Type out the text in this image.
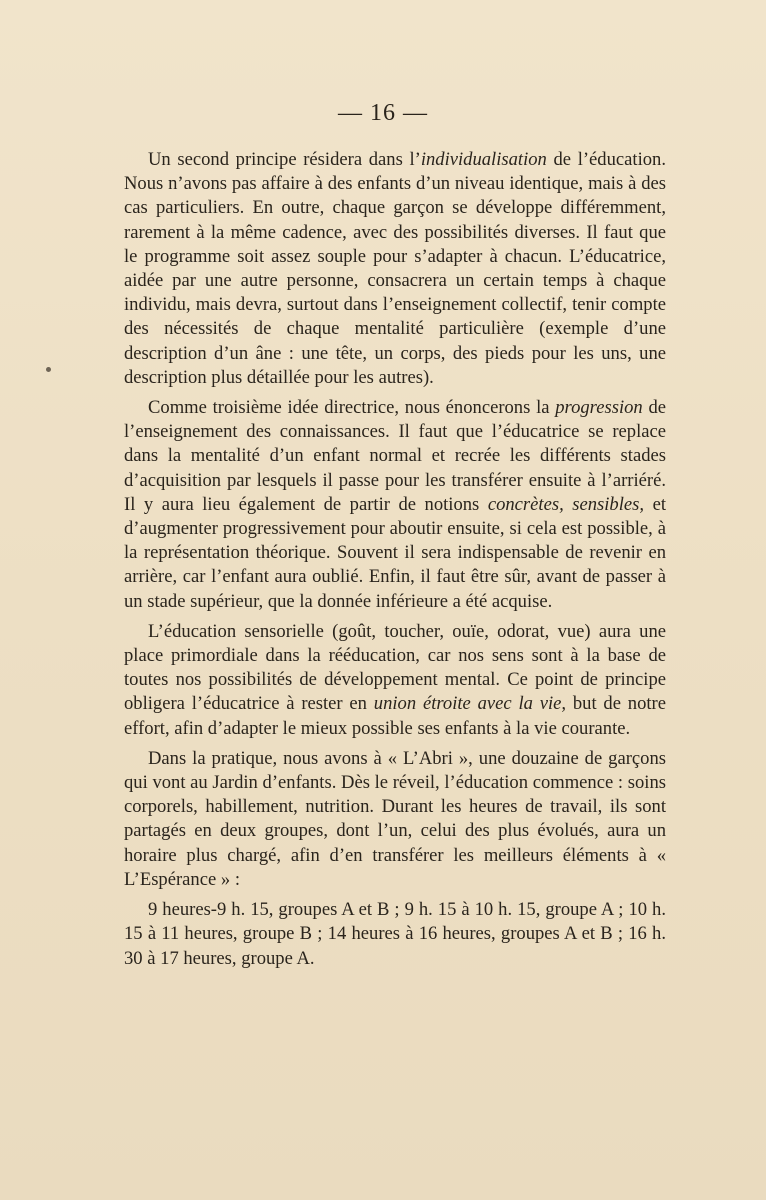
— 16 —

Un second principe résidera dans l’individualisation de l’éducation. Nous n’avons pas affaire à des enfants d’un niveau identique, mais à des cas particuliers. En outre, chaque garçon se développe différemment, rarement à la même cadence, avec des possibilités diverses. Il faut que le programme soit assez souple pour s’adapter à chacun. L’éducatrice, aidée par une autre personne, consacrera un certain temps à chaque individu, mais devra, surtout dans l’enseignement collectif, tenir compte des nécessités de chaque mentalité particulière (exemple d’une description d’un âne : une tête, un corps, des pieds pour les uns, une description plus détaillée pour les autres).

Comme troisième idée directrice, nous énoncerons la progression de l’enseignement des connaissances. Il faut que l’éducatrice se replace dans la mentalité d’un enfant normal et recrée les différents stades d’acquisition par lesquels il passe pour les transférer ensuite à l’arriéré. Il y aura lieu également de partir de notions concrètes, sensibles, et d’augmenter progressivement pour aboutir ensuite, si cela est possible, à la représentation théorique. Souvent il sera indispensable de revenir en arrière, car l’enfant aura oublié. Enfin, il faut être sûr, avant de passer à un stade supérieur, que la donnée inférieure a été acquise.

L’éducation sensorielle (goût, toucher, ouïe, odorat, vue) aura une place primordiale dans la rééducation, car nos sens sont à la base de toutes nos possibilités de développement mental. Ce point de principe obligera l’éducatrice à rester en union étroite avec la vie, but de notre effort, afin d’adapter le mieux possible ses enfants à la vie courante.

Dans la pratique, nous avons à « L’Abri », une douzaine de garçons qui vont au Jardin d’enfants. Dès le réveil, l’éducation commence : soins corporels, habillement, nutrition. Durant les heures de travail, ils sont partagés en deux groupes, dont l’un, celui des plus évolués, aura un horaire plus chargé, afin d’en transférer les meilleurs éléments à « L’Espérance » :

9 heures-9 h. 15, groupes A et B ; 9 h. 15 à 10 h. 15, groupe A ; 10 h. 15 à 11 heures, groupe B ; 14 heures à 16 heures, groupes A et B ; 16 h. 30 à 17 heures, groupe A.
